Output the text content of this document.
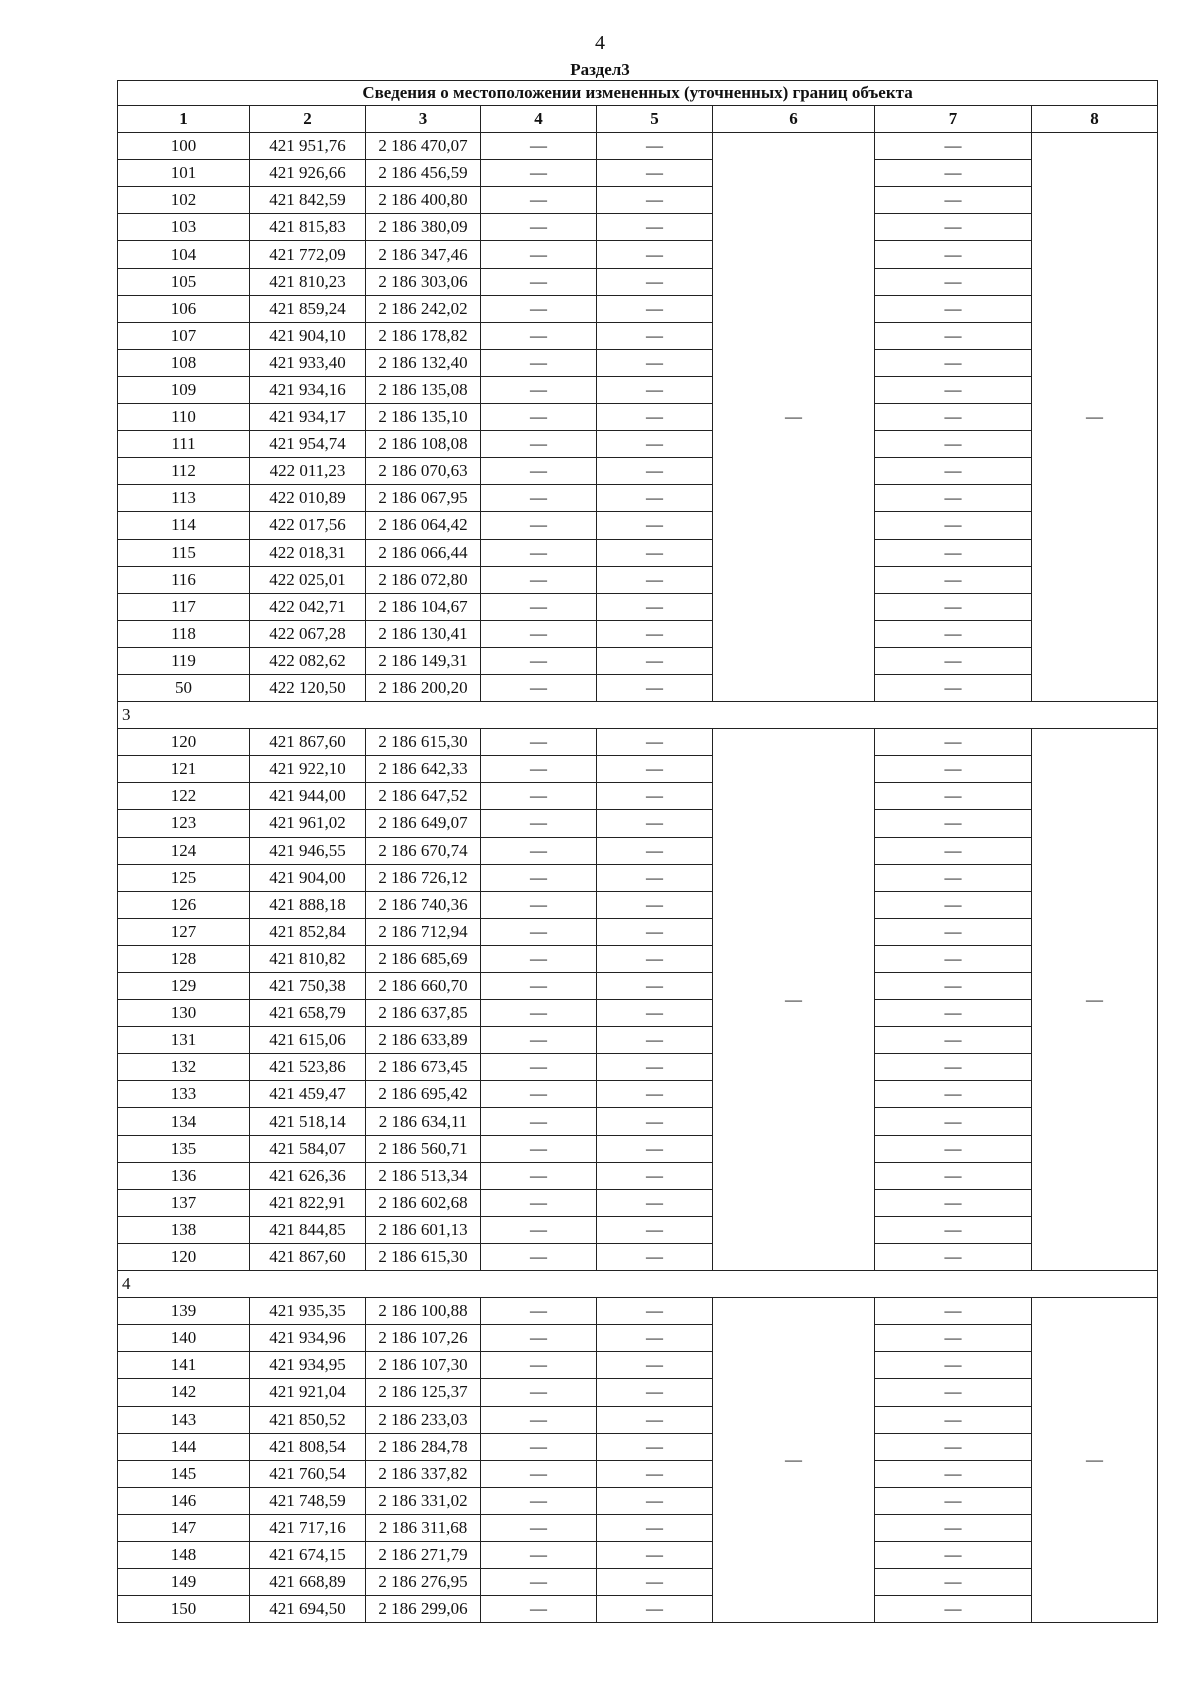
4
Раздел3
Сведения о местоположении измененных (уточненных) границ объекта							
1	2	3	4	5	6	7	8
100	421 951,76	2 186 470,07	—	—	—	—	—
101	421 926,66	2 186 456,59	—	—		—	
102	421 842,59	2 186 400,80	—	—		—	
103	421 815,83	2 186 380,09	—	—		—	
104	421 772,09	2 186 347,46	—	—		—	
105	421 810,23	2 186 303,06	—	—		—	
106	421 859,24	2 186 242,02	—	—		—	
107	421 904,10	2 186 178,82	—	—		—	
108	421 933,40	2 186 132,40	—	—		—	
109	421 934,16	2 186 135,08	—	—		—	
110	421 934,17	2 186 135,10	—	—		—	
111	421 954,74	2 186 108,08	—	—		—	
112	422 011,23	2 186 070,63	—	—		—	
113	422 010,89	2 186 067,95	—	—		—	
114	422 017,56	2 186 064,42	—	—		—	
115	422 018,31	2 186 066,44	—	—		—	
116	422 025,01	2 186 072,80	—	—		—	
117	422 042,71	2 186 104,67	—	—		—	
118	422 067,28	2 186 130,41	—	—		—	
119	422 082,62	2 186 149,31	—	—		—	
50	422 120,50	2 186 200,20	—	—		—	
3							
120	421 867,60	2 186 615,30	—	—	—	—	—
121	421 922,10	2 186 642,33	—	—		—	
122	421 944,00	2 186 647,52	—	—		—	
123	421 961,02	2 186 649,07	—	—		—	
124	421 946,55	2 186 670,74	—	—		—	
125	421 904,00	2 186 726,12	—	—		—	
126	421 888,18	2 186 740,36	—	—		—	
127	421 852,84	2 186 712,94	—	—		—	
128	421 810,82	2 186 685,69	—	—		—	
129	421 750,38	2 186 660,70	—	—		—	
130	421 658,79	2 186 637,85	—	—		—	
131	421 615,06	2 186 633,89	—	—		—	
132	421 523,86	2 186 673,45	—	—		—	
133	421 459,47	2 186 695,42	—	—		—	
134	421 518,14	2 186 634,11	—	—		—	
135	421 584,07	2 186 560,71	—	—		—	
136	421 626,36	2 186 513,34	—	—		—	
137	421 822,91	2 186 602,68	—	—		—	
138	421 844,85	2 186 601,13	—	—		—	
120	421 867,60	2 186 615,30	—	—		—	
4							
139	421 935,35	2 186 100,88	—	—	—	—	—
140	421 934,96	2 186 107,26	—	—		—	
141	421 934,95	2 186 107,30	—	—		—	
142	421 921,04	2 186 125,37	—	—		—	
143	421 850,52	2 186 233,03	—	—		—	
144	421 808,54	2 186 284,78	—	—		—	
145	421 760,54	2 186 337,82	—	—		—	
146	421 748,59	2 186 331,02	—	—		—	
147	421 717,16	2 186 311,68	—	—		—	
148	421 674,15	2 186 271,79	—	—		—	
149	421 668,89	2 186 276,95	—	—		—	
150	421 694,50	2 186 299,06	—	—		—	
